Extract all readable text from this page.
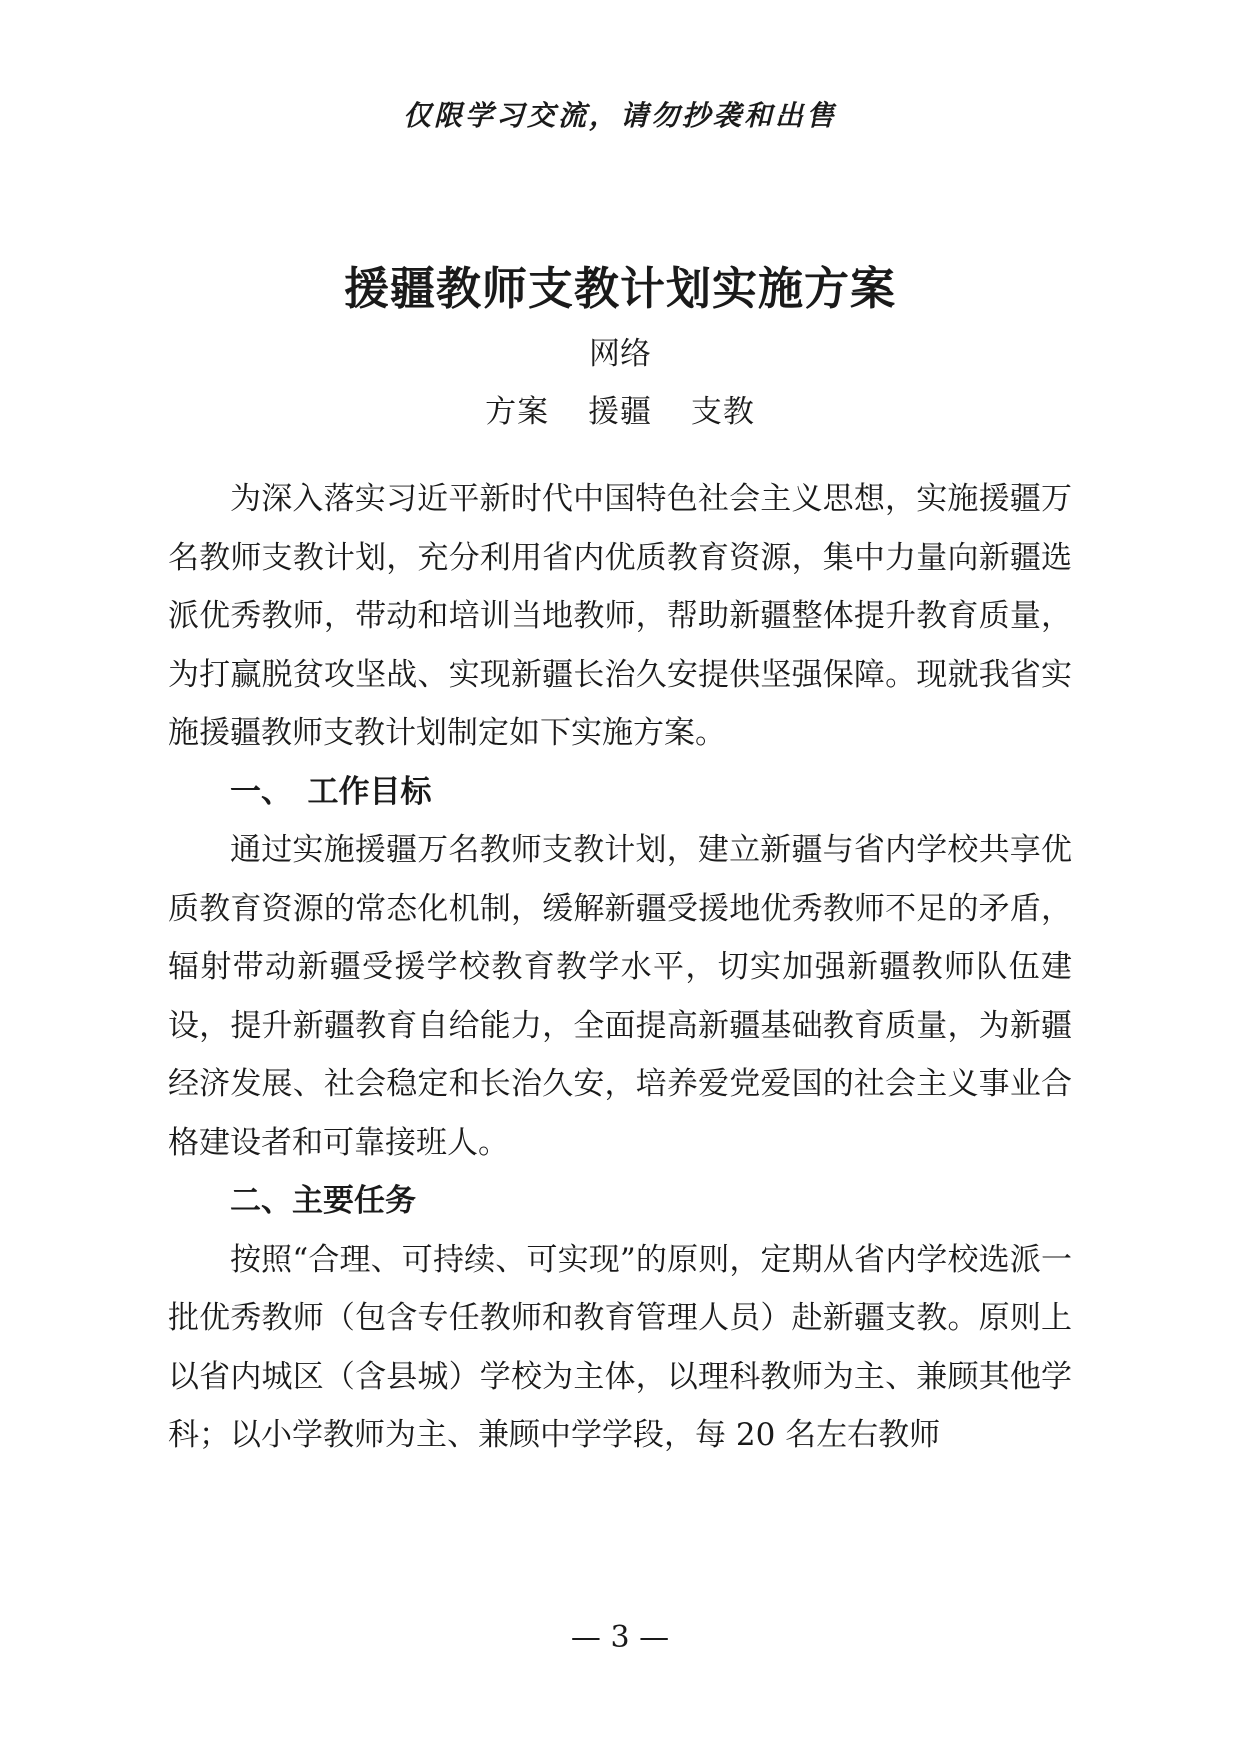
仅限学习交流，请勿抄袭和出售
援疆教师支教计划实施方案
网络
方案 援疆 支教

为深入落实习近平新时代中国特色社会主义思想，实施援疆万名教师支教计划，充分利用省内优质教育资源，集中力量向新疆选派优秀教师，带动和培训当地教师，帮助新疆整体提升教育质量，为打赢脱贫攻坚战、实现新疆长治久安提供坚强保障。现就我省实施援疆教师支教计划制定如下实施方案。

一、　工作目标

通过实施援疆万名教师支教计划，建立新疆与省内学校共享优质教育资源的常态化机制，缓解新疆受援地优秀教师不足的矛盾，辐射带动新疆受援学校教育教学水平，切实加强新疆教师队伍建设，提升新疆教育自给能力，全面提高新疆基础教育质量，为新疆经济发展、社会稳定和长治久安，培养爱党爱国的社会主义事业合格建设者和可靠接班人。

二、主要任务

按照“合理、可持续、可实现”的原则，定期从省内学校选派一批优秀教师（包含专任教师和教育管理人员）赴新疆支教。原则上以省内城区（含县城）学校为主体，以理科教师为主、兼顾其他学科；以小学教师为主、兼顾中学学段，每 20 名左右教师

— 3 —
